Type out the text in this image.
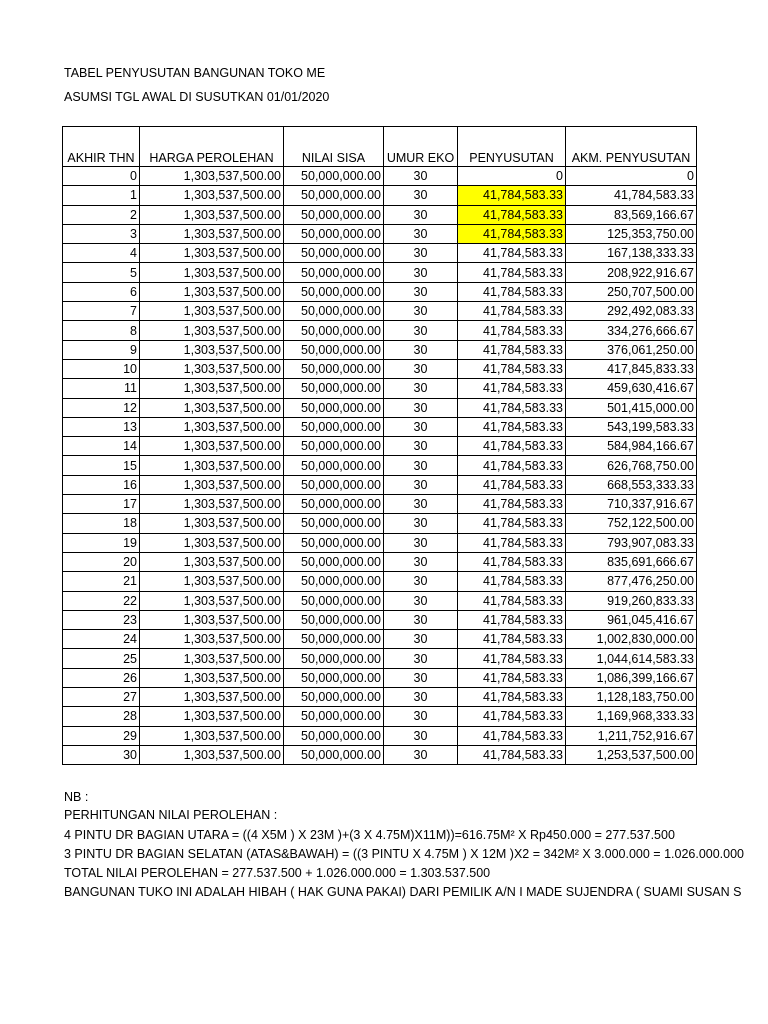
TABEL PENYUSUTAN BANGUNAN TOKO ME
ASUMSI TGL AWAL DI SUSUTKAN 01/01/2020
AKHIR THN	HARGA PEROLEHAN	NILAI SISA	UMUR EKO	PENYUSUTAN	AKM. PENYUSUTAN
0	1,303,537,500.00	50,000,000.00	30	0	0
1	1,303,537,500.00	50,000,000.00	30	41,784,583.33	41,784,583.33
2	1,303,537,500.00	50,000,000.00	30	41,784,583.33	83,569,166.67
3	1,303,537,500.00	50,000,000.00	30	41,784,583.33	125,353,750.00
4	1,303,537,500.00	50,000,000.00	30	41,784,583.33	167,138,333.33
5	1,303,537,500.00	50,000,000.00	30	41,784,583.33	208,922,916.67
6	1,303,537,500.00	50,000,000.00	30	41,784,583.33	250,707,500.00
7	1,303,537,500.00	50,000,000.00	30	41,784,583.33	292,492,083.33
8	1,303,537,500.00	50,000,000.00	30	41,784,583.33	334,276,666.67
9	1,303,537,500.00	50,000,000.00	30	41,784,583.33	376,061,250.00
10	1,303,537,500.00	50,000,000.00	30	41,784,583.33	417,845,833.33
11	1,303,537,500.00	50,000,000.00	30	41,784,583.33	459,630,416.67
12	1,303,537,500.00	50,000,000.00	30	41,784,583.33	501,415,000.00
13	1,303,537,500.00	50,000,000.00	30	41,784,583.33	543,199,583.33
14	1,303,537,500.00	50,000,000.00	30	41,784,583.33	584,984,166.67
15	1,303,537,500.00	50,000,000.00	30	41,784,583.33	626,768,750.00
16	1,303,537,500.00	50,000,000.00	30	41,784,583.33	668,553,333.33
17	1,303,537,500.00	50,000,000.00	30	41,784,583.33	710,337,916.67
18	1,303,537,500.00	50,000,000.00	30	41,784,583.33	752,122,500.00
19	1,303,537,500.00	50,000,000.00	30	41,784,583.33	793,907,083.33
20	1,303,537,500.00	50,000,000.00	30	41,784,583.33	835,691,666.67
21	1,303,537,500.00	50,000,000.00	30	41,784,583.33	877,476,250.00
22	1,303,537,500.00	50,000,000.00	30	41,784,583.33	919,260,833.33
23	1,303,537,500.00	50,000,000.00	30	41,784,583.33	961,045,416.67
24	1,303,537,500.00	50,000,000.00	30	41,784,583.33	1,002,830,000.00
25	1,303,537,500.00	50,000,000.00	30	41,784,583.33	1,044,614,583.33
26	1,303,537,500.00	50,000,000.00	30	41,784,583.33	1,086,399,166.67
27	1,303,537,500.00	50,000,000.00	30	41,784,583.33	1,128,183,750.00
28	1,303,537,500.00	50,000,000.00	30	41,784,583.33	1,169,968,333.33
29	1,303,537,500.00	50,000,000.00	30	41,784,583.33	1,211,752,916.67
30	1,303,537,500.00	50,000,000.00	30	41,784,583.33	1,253,537,500.00
NB :
PERHITUNGAN NILAI PEROLEHAN :
4 PINTU DR BAGIAN UTARA = ((4 X5M ) X 23M )+(3 X 4.75M)X11M))=616.75M² X Rp450.000 = 277.537.500
3 PINTU DR BAGIAN SELATAN (ATAS&BAWAH) = ((3 PINTU X 4.75M ) X 12M )X2 = 342M² X 3.000.000 = 1.026.000.000
TOTAL NILAI PEROLEHAN = 277.537.500 + 1.026.000.000 = 1.303.537.500
BANGUNAN TUKO INI ADALAH HIBAH ( HAK GUNA PAKAI) DARI PEMILIK A/N I MADE SUJENDRA ( SUAMI SUSAN S
